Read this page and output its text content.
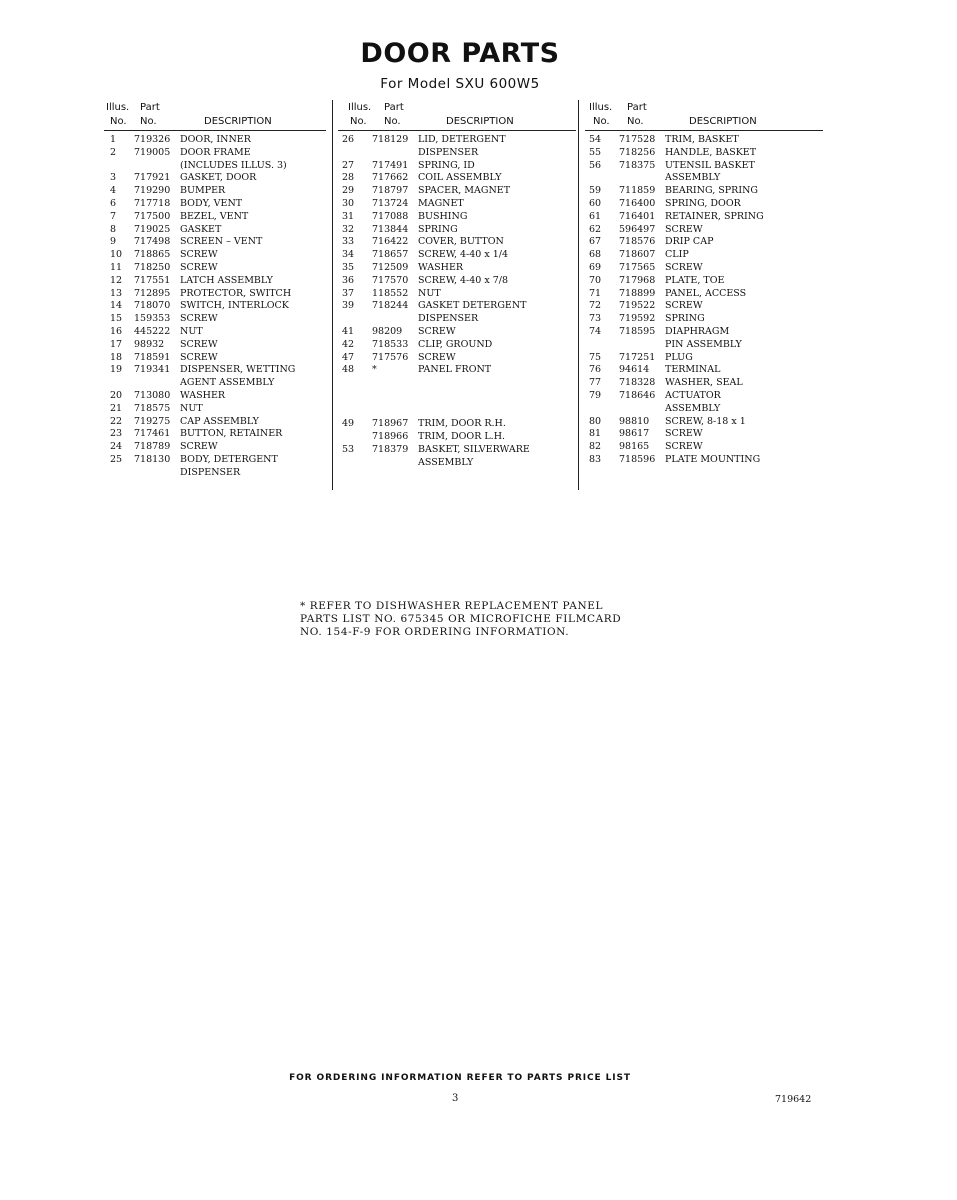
DOOR PARTS
For Model SXU 600W5
Illus. Part
No. No.	DESCRIPTION
1	719326	DOOR, INNER
2	719005	DOOR FRAME
(INCLUDES ILLUS. 3)
3	717921	GASKET, DOOR
4	719290	BUMPER
6	717718	BODY, VENT
7	717500	BEZEL, VENT
8	719025	GASKET
9	717498	SCREEN – VENT
10	718865	SCREW
11	718250	SCREW
12	717551	LATCH ASSEMBLY
13	712895	PROTECTOR, SWITCH
14	718070	SWITCH, INTERLOCK
15	159353	SCREW
16	445222	NUT
17	98932	SCREW
18	718591	SCREW
19	719341	DISPENSER, WETTING
AGENT ASSEMBLY
20	713080	WASHER
21	718575	NUT
22	719275	CAP ASSEMBLY
23	717461	BUTTON, RETAINER
24	718789	SCREW
25	718130	BODY, DETERGENT
DISPENSER
Illus. Part
No. No.	DESCRIPTION
26	718129	LID, DETERGENT
DISPENSER
27	717491	SPRING, ID
28	717662	COIL ASSEMBLY
29	718797	SPACER, MAGNET
30	713724	MAGNET
31	717088	BUSHING
32	713844	SPRING
33	716422	COVER, BUTTON
34	718657	SCREW, 4-40 x 1/4
35	712509	WASHER
36	717570	SCREW, 4-40 x 7/8
37	118552	NUT
39	718244	GASKET DETERGENT
DISPENSER
41	98209	SCREW
42	718533	CLIP, GROUND
47	717576	SCREW
48	*	PANEL FRONT
49	718967	TRIM, DOOR R.H.
718966	TRIM, DOOR L.H.
53	718379	BASKET, SILVERWARE
ASSEMBLY
Illus. Part
No. No.	DESCRIPTION
54	717528	TRIM, BASKET
55	718256	HANDLE, BASKET
56	718375	UTENSIL BASKET
ASSEMBLY
59	711859	BEARING, SPRING
60	716400	SPRING, DOOR
61	716401	RETAINER, SPRING
62	596497	SCREW
67	718576	DRIP CAP
68	718607	CLIP
69	717565	SCREW
70	717968	PLATE, TOE
71	718899	PANEL, ACCESS
72	719522	SCREW
73	719592	SPRING
74	718595	DIAPHRAGM
PIN ASSEMBLY
75	717251	PLUG
76	94614	TERMINAL
77	718328	WASHER, SEAL
79	718646	ACTUATOR
ASSEMBLY
80	98810	SCREW, 8-18 x 1
81	98617	SCREW
82	98165	SCREW
83	718596	PLATE MOUNTING
* REFER TO DISHWASHER REPLACEMENT PANEL PARTS LIST NO. 675345 OR MICROFICHE FILMCARD NO. 154-F-9 FOR ORDERING INFORMATION.
FOR ORDERING INFORMATION REFER TO PARTS PRICE LIST
3	719642
